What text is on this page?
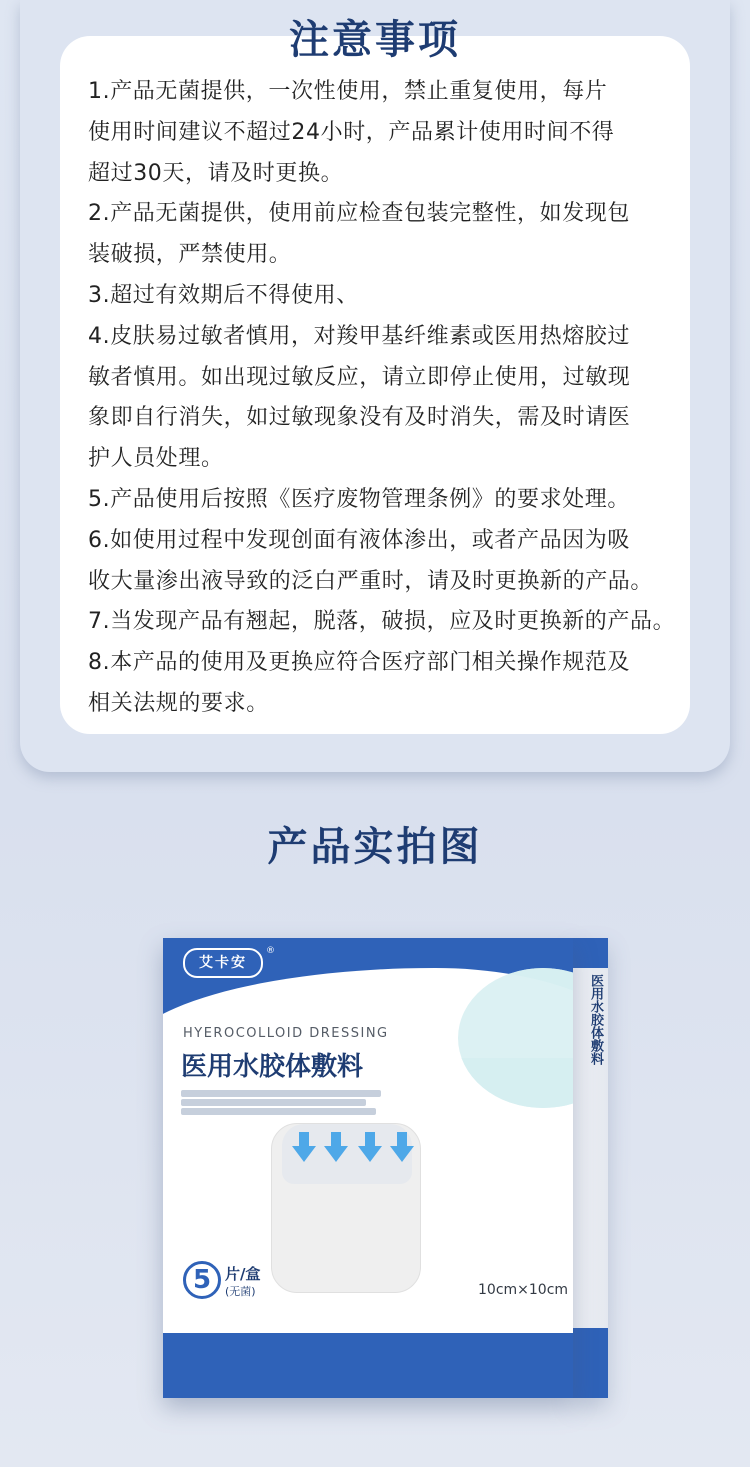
注意事项
1.产品无菌提供，一次性使用，禁止重复使用，每片
使用时间建议不超过24小时，产品累计使用时间不得
超过30天，请及时更换。
2.产品无菌提供，使用前应检查包装完整性，如发现包
装破损，严禁使用。
3.超过有效期后不得使用、
4.皮肤易过敏者慎用，对羧甲基纤维素或医用热熔胶过
敏者慎用。如出现过敏反应，请立即停止使用，过敏现
象即自行消失，如过敏现象没有及时消失，需及时请医
护人员处理。
5.产品使用后按照《医疗废物管理条例》的要求处理。
6.如使用过程中发现创面有液体渗出，或者产品因为吸
收大量渗出液导致的泛白严重时，请及时更换新的产品。
7.当发现产品有翘起，脱落，破损，应及时更换新的产品。
8.本产品的使用及更换应符合医疗部门相关操作规范及
相关法规的要求。
产品实拍图
医用水胶体敷料
艾卡安
®
HYEROCOLLOID DRESSING
医用水胶体敷料
5 片/盒
(无菌)	10cm×10cm
